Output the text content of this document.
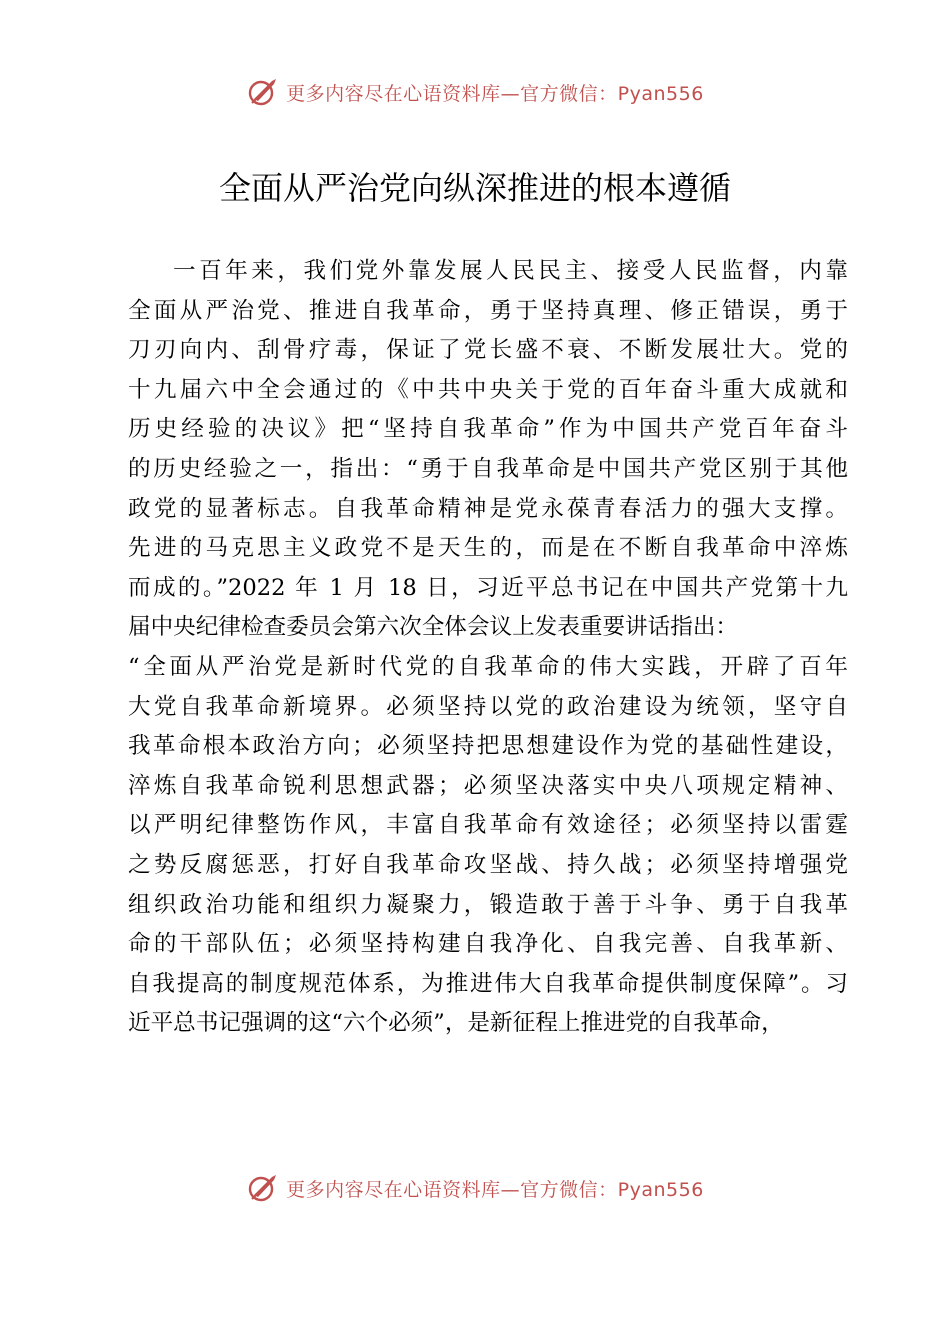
更多内容尽在心语资料库—官方微信：Pyan556
全面从严治党向纵深推进的根本遵循
一百年来，我们党外靠发展人民民主、接受人民监督，内靠
全面从严治党、推进自我革命，勇于坚持真理、修正错误，勇于
刀刃向内、刮骨疗毒，保证了党长盛不衰、不断发展壮大。党的
十九届六中全会通过的《中共中央关于党的百年奋斗重大成就和
历史经验的决议》把“坚持自我革命”作为中国共产党百年奋斗
的历史经验之一，指出：“勇于自我革命是中国共产党区别于其他
政党的显著标志。自我革命精神是党永葆青春活力的强大支撑。
先进的马克思主义政党不是天生的，而是在不断自我革命中淬炼
而成的。”2022 年 1 月 18 日，习近平总书记在中国共产党第十九
届中央纪律检查委员会第六次全体会议上发表重要讲话指出：
“全面从严治党是新时代党的自我革命的伟大实践，开辟了百年
大党自我革命新境界。必须坚持以党的政治建设为统领，坚守自
我革命根本政治方向；必须坚持把思想建设作为党的基础性建设，
淬炼自我革命锐利思想武器；必须坚决落实中央八项规定精神、
以严明纪律整饬作风，丰富自我革命有效途径；必须坚持以雷霆
之势反腐惩恶，打好自我革命攻坚战、持久战；必须坚持增强党
组织政治功能和组织力凝聚力，锻造敢于善于斗争、勇于自我革
命的干部队伍；必须坚持构建自我净化、自我完善、自我革新、
自我提高的制度规范体系，为推进伟大自我革命提供制度保障”。习
近平总书记强调的这“六个必须”，是新征程上推进党的自我革命，
更多内容尽在心语资料库—官方微信：Pyan556
